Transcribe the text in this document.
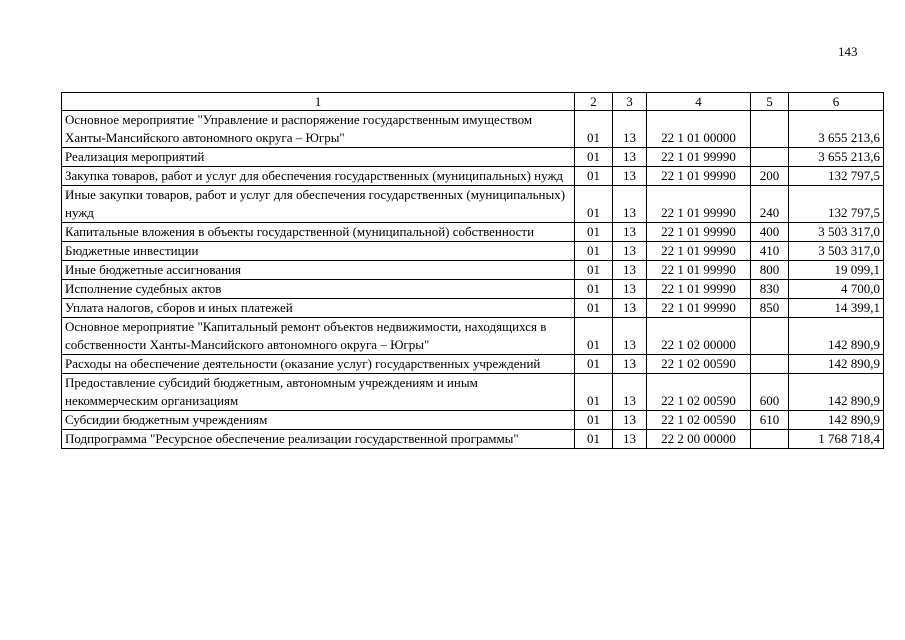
143
1	2	3	4	5	6
Основное мероприятие "Управление и распоряжение государственным имуществом Ханты-Мансийского автономного округа – Югры"	01	13	22 1 01 00000		3 655 213,6
Реализация мероприятий	01	13	22 1 01 99990		3 655 213,6
Закупка товаров, работ и услуг для обеспечения государственных (муниципальных) нужд	01	13	22 1 01 99990	200	132 797,5
Иные закупки товаров, работ и услуг для обеспечения государственных (муниципальных) нужд	01	13	22 1 01 99990	240	132 797,5
Капитальные вложения в объекты государственной (муниципальной) собственности	01	13	22 1 01 99990	400	3 503 317,0
Бюджетные инвестиции	01	13	22 1 01 99990	410	3 503 317,0
Иные бюджетные ассигнования	01	13	22 1 01 99990	800	19 099,1
Исполнение судебных актов	01	13	22 1 01 99990	830	4 700,0
Уплата налогов, сборов и иных платежей	01	13	22 1 01 99990	850	14 399,1
Основное мероприятие "Капитальный ремонт объектов недвижимости, находящихся в собственности Ханты-Мансийского автономного округа – Югры"	01	13	22 1 02 00000		142 890,9
Расходы на обеспечение деятельности (оказание услуг) государственных учреждений	01	13	22 1 02 00590		142 890,9
Предоставление субсидий бюджетным, автономным учреждениям и иным некоммерческим организациям	01	13	22 1 02 00590	600	142 890,9
Субсидии бюджетным учреждениям	01	13	22 1 02 00590	610	142 890,9
Подпрограмма "Ресурсное обеспечение реализации государственной программы"	01	13	22 2 00 00000		1 768 718,4
